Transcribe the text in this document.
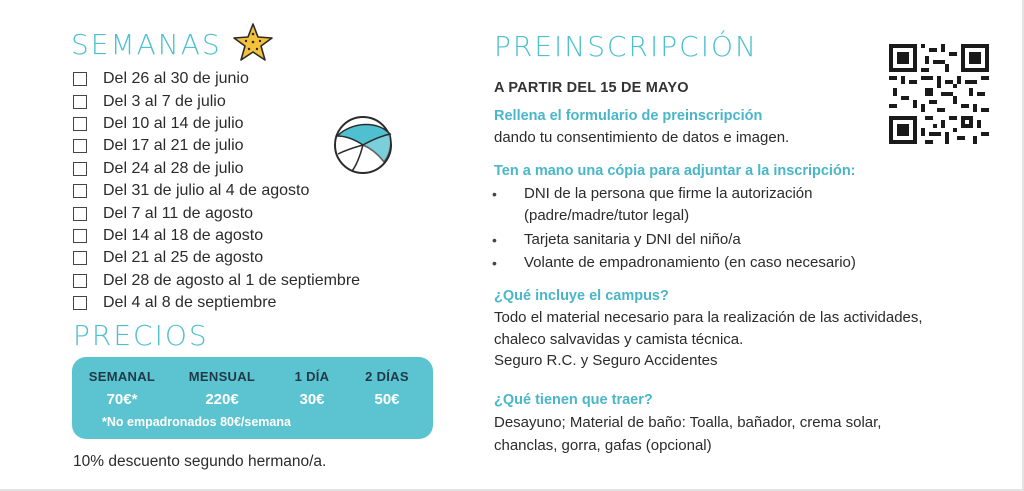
SEMANAS
Del 26 al 30 de junio
Del 3 al 7 de julio
Del 10 al 14 de julio
Del 17 al 21 de julio
Del 24 al 28 de julio
Del 31 de julio al 4 de agosto
Del 7 al 11 de agosto
Del 14 al 18 de agosto
Del 21 al 25 de agosto
Del 28 de agosto al 1 de septiembre
Del 4 al 8 de septiembre
PRECIOS
SEMANAL	MENSUAL	1 DÍA	2 DÍAS
70€*	220€	30€	50€
*No empadronados 80€/semana
10% descuento segundo hermano/a.
PREINSCRIPCIÓN
A PARTIR DEL 15 DE MAYO
Rellena el formulario de preinscripción
dando tu consentimiento de datos e imagen.
Ten a mano una cópia para adjuntar a la inscripción:
• DNI de la persona que firme la autorización
(padre/madre/tutor legal)
• Tarjeta sanitaria y DNI del niño/a
• Volante de empadronamiento (en caso necesario)
¿Qué incluye el campus?
Todo el material necesario para la realización de las actividades,
chaleco salvavidas y camista técnica.
Seguro R.C. y Seguro Accidentes
¿Qué tienen que traer?
Desayuno; Material de baño: Toalla, bañador, crema solar,
chanclas, gorra, gafas (opcional)
